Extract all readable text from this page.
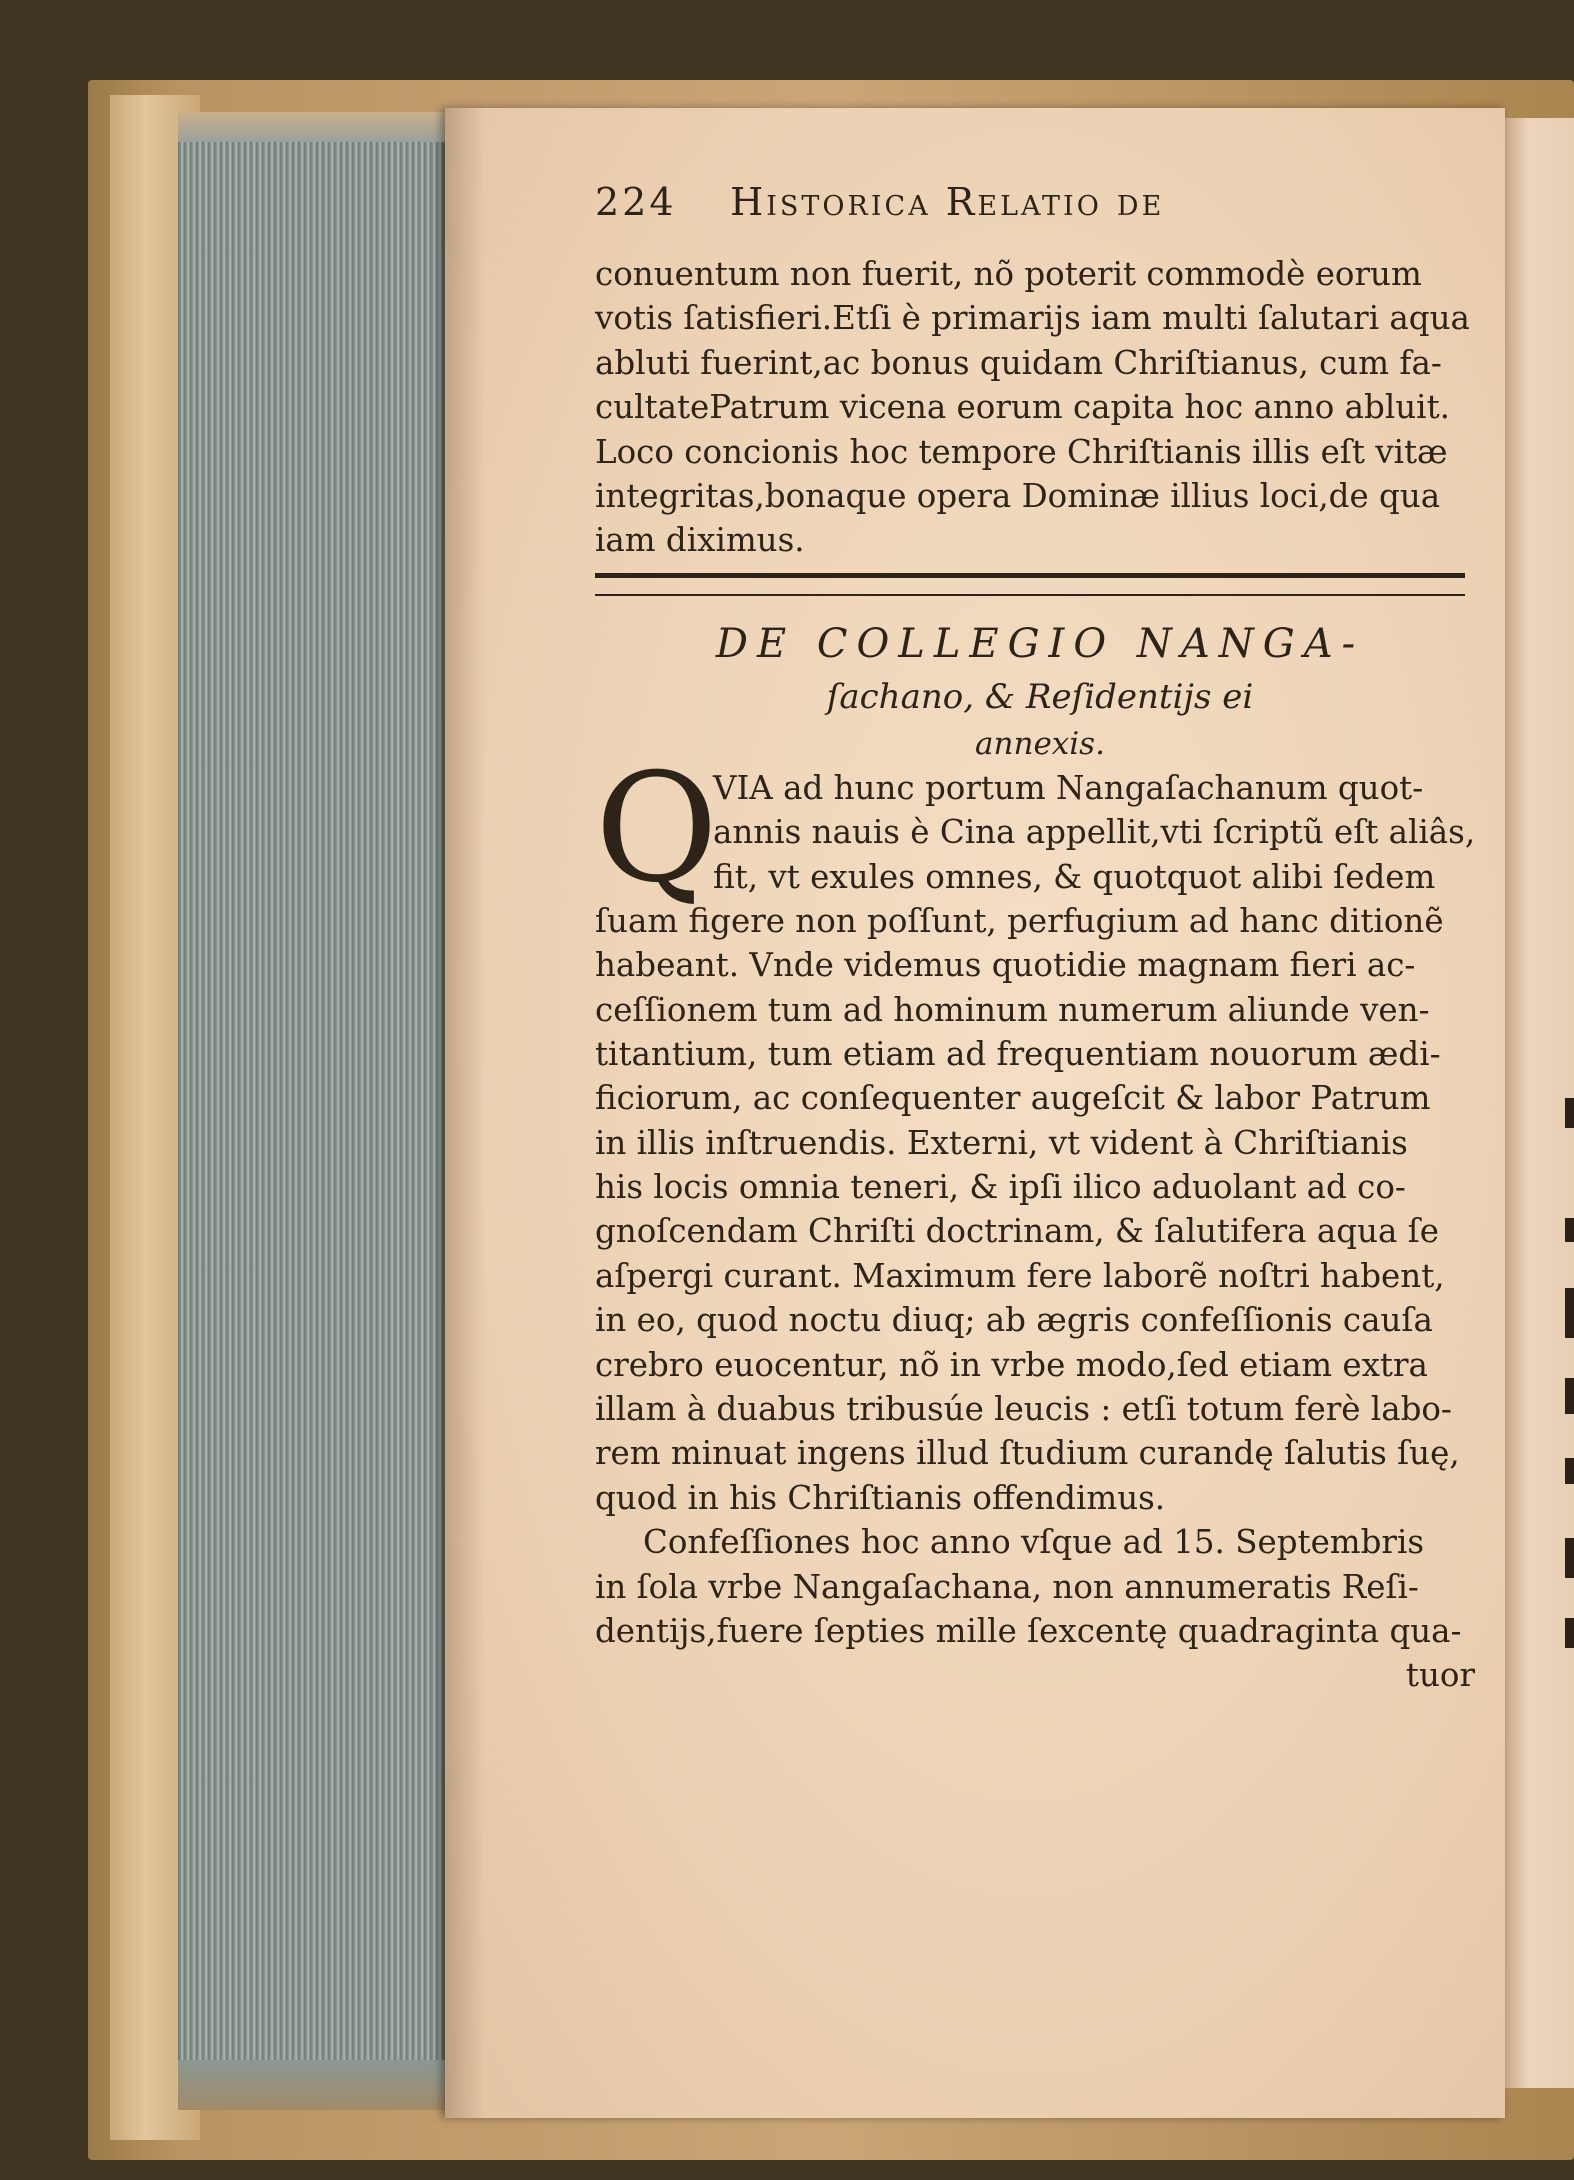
224 Historica Relatio de
conuentum non fuerit, nõ poterit commodè eorum
votis ſatisfieri.Etſi è primarijs iam multi ſalutari aqua
abluti fuerint,ac bonus quidam Chriſtianus, cum fa-
cultatePatrum vicena eorum capita hoc anno abluit.
Loco concionis hoc tempore Chriſtianis illis eſt vitæ
integritas,bonaque opera Dominæ illius loci,de qua
iam diximus.
DE COLLEGIO NANGA-
ſachano, & Reſidentijs ei
annexis.
Q
VIA ad hunc portum Nangaſachanum quot-
annis nauis è Cina appellit,vti ſcriptũ eſt aliâs,
fit, vt exules omnes, & quotquot alibi ſedem
ſuam figere non poſſunt, perfugium ad hanc ditionẽ
habeant. Vnde videmus quotidie magnam fieri ac-
ceſſionem tum ad hominum numerum aliunde ven-
titantium, tum etiam ad frequentiam nouorum ædi-
ficiorum, ac conſequenter augeſcit & labor Patrum
in illis inſtruendis. Externi, vt vident à Chriſtianis
his locis omnia teneri, & ipſi ilico aduolant ad co-
gnoſcendam Chriſti doctrinam, & ſalutifera aqua ſe
aſpergi curant. Maximum fere laborẽ noſtri habent,
in eo, quod noctu diuq; ab ægris confeſſionis cauſa
crebro euocentur, nõ in vrbe modo,ſed etiam extra
illam à duabus tribusúe leucis : etſi totum ferè labo-
rem minuat ingens illud ſtudium curandę ſalutis ſuę,
quod in his Chriſtianis offendimus.
Confeſſiones hoc anno vſque ad 15. Septembris
in ſola vrbe Nangaſachana, non annumeratis Reſi-
dentijs,fuere ſepties mille ſexcentę quadraginta qua-
tuor
